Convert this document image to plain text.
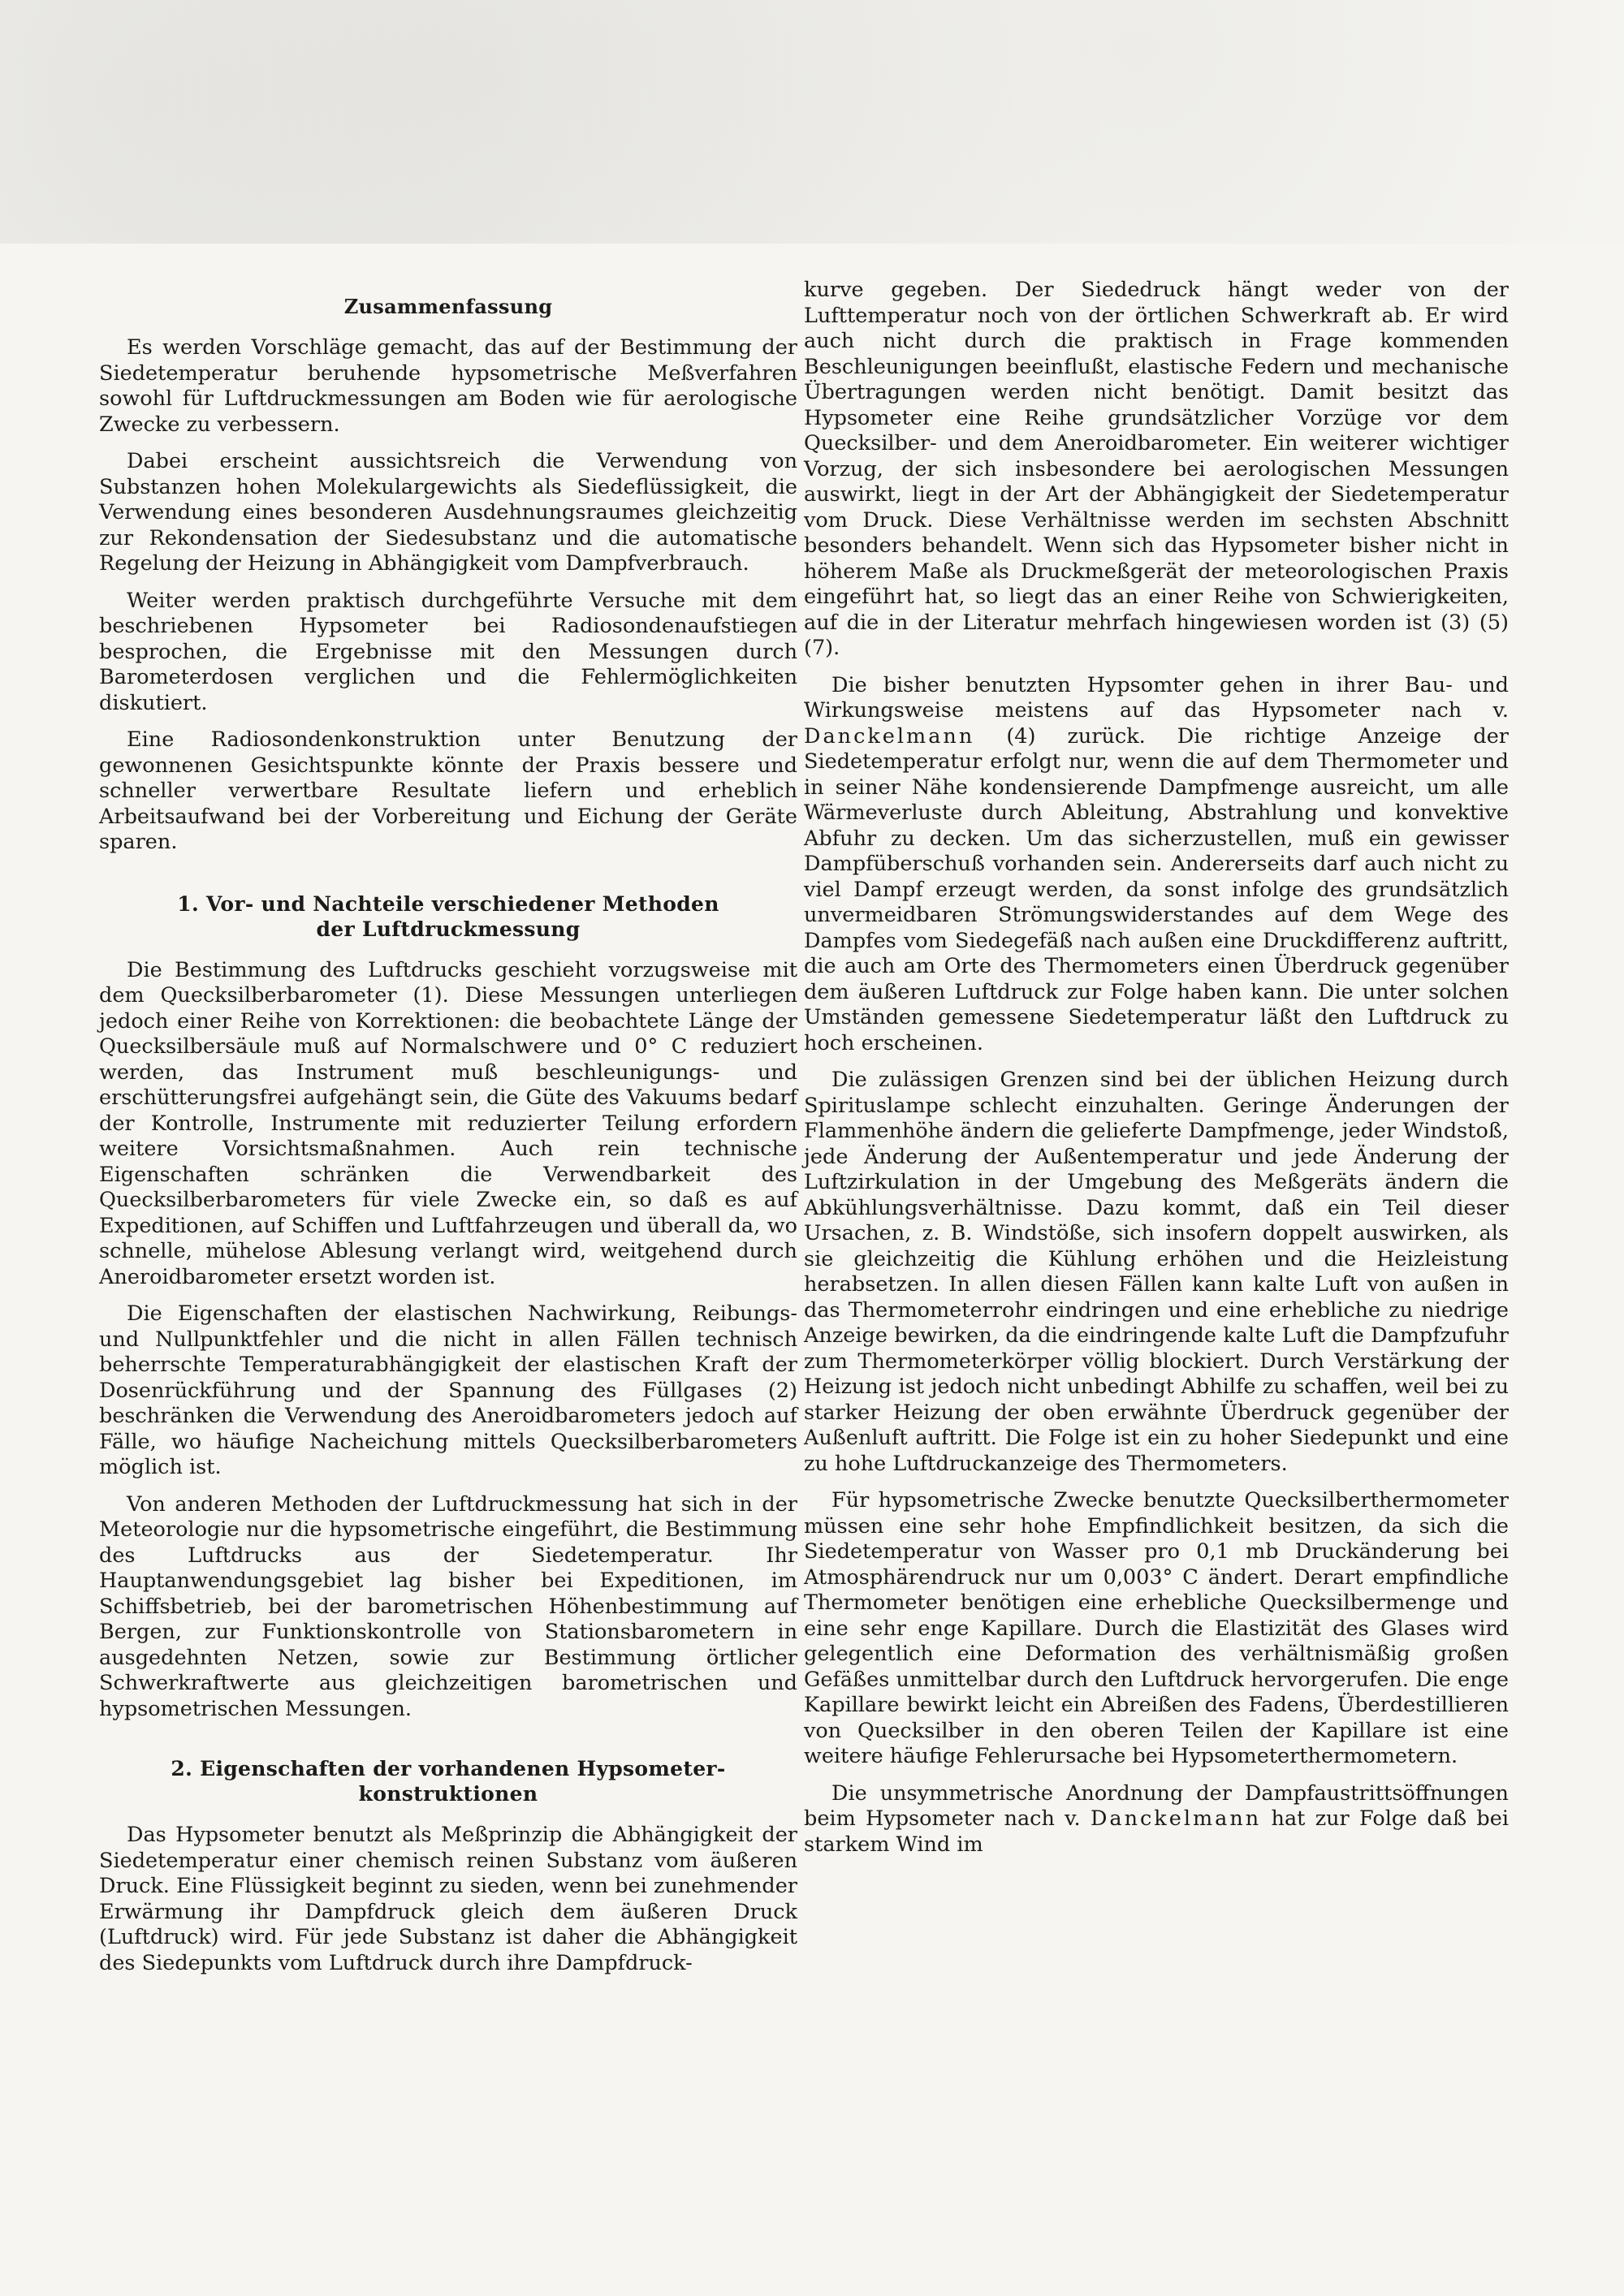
Zusammenfassung

Es werden Vorschläge gemacht, das auf der Bestimmung der Siedetemperatur beruhende hypsometrische Meßverfahren sowohl für Luftdruckmessungen am Boden wie für aerologische Zwecke zu verbessern.

Dabei erscheint aussichtsreich die Verwendung von Substanzen hohen Molekulargewichts als Siedeflüssigkeit, die Verwendung eines besonderen Ausdehnungsraumes gleichzeitig zur Rekondensation der Siedesubstanz und die automatische Regelung der Heizung in Abhängigkeit vom Dampfverbrauch.

Weiter werden praktisch durchgeführte Versuche mit dem beschriebenen Hypsometer bei Radiosondenaufstiegen besprochen, die Ergebnisse mit den Messungen durch Barometerdosen verglichen und die Fehlermöglichkeiten diskutiert.

Eine Radiosondenkonstruktion unter Benutzung der gewonnenen Gesichtspunkte könnte der Praxis bessere und schneller verwertbare Resultate liefern und erheblich Arbeitsaufwand bei der Vorbereitung und Eichung der Geräte sparen.

1. Vor- und Nachteile verschiedener Methoden
der Luftdruckmessung

Die Bestimmung des Luftdrucks geschieht vorzugsweise mit dem Quecksilberbarometer (1). Diese Messungen unterliegen jedoch einer Reihe von Korrektionen: die beobachtete Länge der Quecksilbersäule muß auf Normalschwere und 0° C reduziert werden, das Instrument muß beschleunigungs- und erschütterungsfrei aufgehängt sein, die Güte des Vakuums bedarf der Kontrolle, Instrumente mit reduzierter Teilung erfordern weitere Vorsichtsmaßnahmen. Auch rein technische Eigenschaften schränken die Verwendbarkeit des Quecksilberbarometers für viele Zwecke ein, so daß es auf Expeditionen, auf Schiffen und Luftfahrzeugen und überall da, wo schnelle, mühelose Ablesung verlangt wird, weitgehend durch Aneroidbarometer ersetzt worden ist.

Die Eigenschaften der elastischen Nachwirkung, Reibungs- und Nullpunktfehler und die nicht in allen Fällen technisch beherrschte Temperaturabhängigkeit der elastischen Kraft der Dosenrückführung und der Spannung des Füllgases (2) beschränken die Verwendung des Aneroidbarometers jedoch auf Fälle, wo häufige Nacheichung mittels Quecksilberbarometers möglich ist.

Von anderen Methoden der Luftdruckmessung hat sich in der Meteorologie nur die hypsometrische eingeführt, die Bestimmung des Luftdrucks aus der Siedetemperatur. Ihr Hauptanwendungsgebiet lag bisher bei Expeditionen, im Schiffsbetrieb, bei der barometrischen Höhenbestimmung auf Bergen, zur Funktionskontrolle von Stationsbarometern in ausgedehnten Netzen, sowie zur Bestimmung örtlicher Schwerkraftwerte aus gleichzeitigen barometrischen und hypsometrischen Messungen.

2. Eigenschaften der vorhandenen Hypsometer-
konstruktionen

Das Hypsometer benutzt als Meßprinzip die Abhängigkeit der Siedetemperatur einer chemisch reinen Substanz vom äußeren Druck. Eine Flüssigkeit beginnt zu sieden, wenn bei zunehmender Erwärmung ihr Dampfdruck gleich dem äußeren Druck (Luftdruck) wird. Für jede Substanz ist daher die Abhängigkeit des Siedepunkts vom Luftdruck durch ihre Dampfdruck-

kurve gegeben. Der Siededruck hängt weder von der Lufttemperatur noch von der örtlichen Schwerkraft ab. Er wird auch nicht durch die praktisch in Frage kommenden Beschleunigungen beeinflußt, elastische Federn und mechanische Übertragungen werden nicht benötigt. Damit besitzt das Hypsometer eine Reihe grundsätzlicher Vorzüge vor dem Quecksilber- und dem Aneroidbarometer. Ein weiterer wichtiger Vorzug, der sich insbesondere bei aerologischen Messungen auswirkt, liegt in der Art der Abhängigkeit der Siedetemperatur vom Druck. Diese Verhältnisse werden im sechsten Abschnitt besonders behandelt. Wenn sich das Hypsometer bisher nicht in höherem Maße als Druckmeßgerät der meteorologischen Praxis eingeführt hat, so liegt das an einer Reihe von Schwierigkeiten, auf die in der Literatur mehrfach hingewiesen worden ist (3) (5) (7).

Die bisher benutzten Hypsomter gehen in ihrer Bau- und Wirkungsweise meistens auf das Hypsometer nach v. Danckelmann (4) zurück. Die richtige Anzeige der Siedetemperatur erfolgt nur, wenn die auf dem Thermometer und in seiner Nähe kondensierende Dampfmenge ausreicht, um alle Wärmeverluste durch Ableitung, Abstrahlung und konvektive Abfuhr zu decken. Um das sicherzustellen, muß ein gewisser Dampfüberschuß vorhanden sein. Andererseits darf auch nicht zu viel Dampf erzeugt werden, da sonst infolge des grundsätzlich unvermeidbaren Strömungswiderstandes auf dem Wege des Dampfes vom Siedegefäß nach außen eine Druckdifferenz auftritt, die auch am Orte des Thermometers einen Überdruck gegenüber dem äußeren Luftdruck zur Folge haben kann. Die unter solchen Umständen gemessene Siedetemperatur läßt den Luftdruck zu hoch erscheinen.

Die zulässigen Grenzen sind bei der üblichen Heizung durch Spirituslampe schlecht einzuhalten. Geringe Änderungen der Flammenhöhe ändern die gelieferte Dampfmenge, jeder Windstoß, jede Änderung der Außentemperatur und jede Änderung der Luftzirkulation in der Umgebung des Meßgeräts ändern die Abkühlungsverhältnisse. Dazu kommt, daß ein Teil dieser Ursachen, z. B. Windstöße, sich insofern doppelt auswirken, als sie gleichzeitig die Kühlung erhöhen und die Heizleistung herabsetzen. In allen diesen Fällen kann kalte Luft von außen in das Thermometerrohr eindringen und eine erhebliche zu niedrige Anzeige bewirken, da die eindringende kalte Luft die Dampfzufuhr zum Thermometerkörper völlig blockiert. Durch Verstärkung der Heizung ist jedoch nicht unbedingt Abhilfe zu schaffen, weil bei zu starker Heizung der oben erwähnte Überdruck gegenüber der Außenluft auftritt. Die Folge ist ein zu hoher Siedepunkt und eine zu hohe Luftdruckanzeige des Thermometers.

Für hypsometrische Zwecke benutzte Quecksilberthermometer müssen eine sehr hohe Empfindlichkeit besitzen, da sich die Siedetemperatur von Wasser pro 0,1 mb Druckänderung bei Atmosphärendruck nur um 0,003° C ändert. Derart empfindliche Thermometer benötigen eine erhebliche Quecksilbermenge und eine sehr enge Kapillare. Durch die Elastizität des Glases wird gelegentlich eine Deformation des verhältnismäßig großen Gefäßes unmittelbar durch den Luftdruck hervorgerufen. Die enge Kapillare bewirkt leicht ein Abreißen des Fadens, Überdestillieren von Quecksilber in den oberen Teilen der Kapillare ist eine weitere häufige Fehlerursache bei Hypsometerthermometern.

Die unsymmetrische Anordnung der Dampfaustrittsöffnungen beim Hypsometer nach v. Danckelmann hat zur Folge daß bei starkem Wind im
